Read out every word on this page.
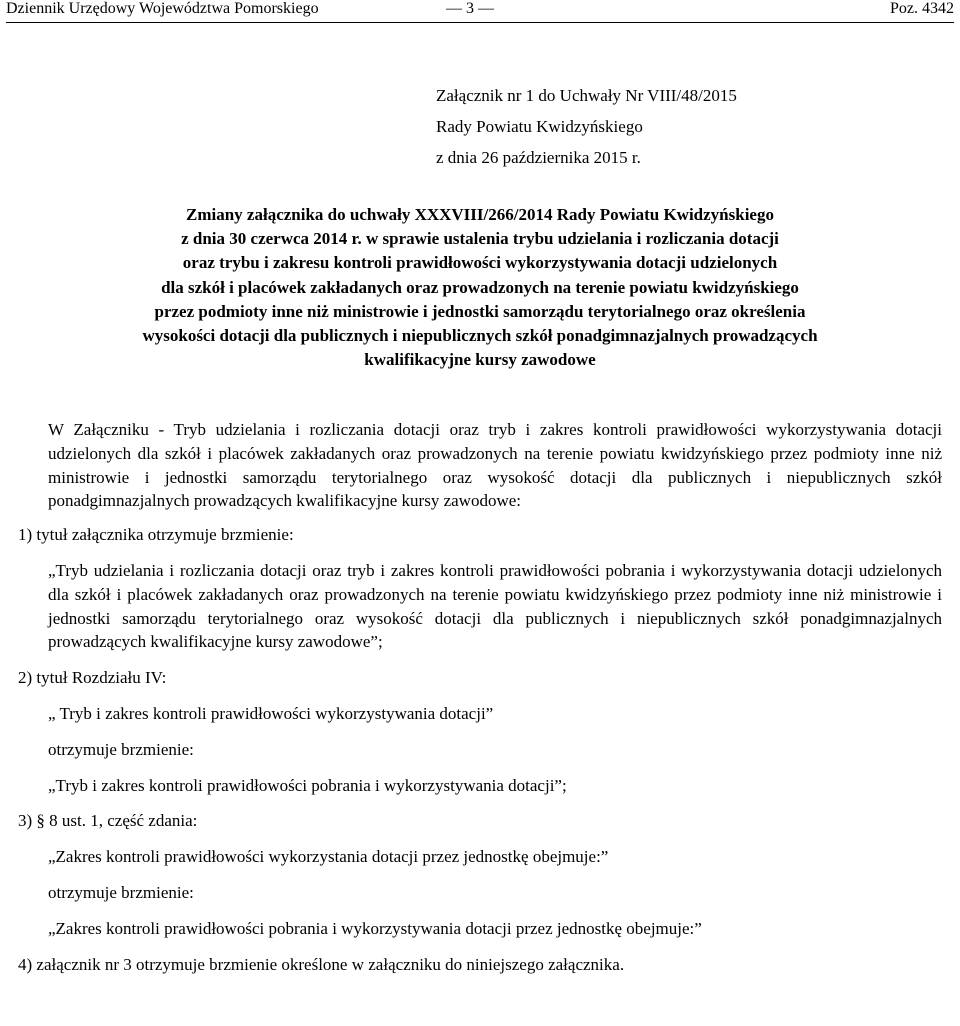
Dziennik Urzędowy Województwa Pomorskiego	— 3 —	Poz. 4342
Załącznik nr 1 do Uchwały Nr VIII/48/2015
Rady Powiatu Kwidzyńskiego
z dnia 26 października 2015 r.
Zmiany załącznika do uchwały XXXVIII/266/2014 Rady Powiatu Kwidzyńskiego
z dnia 30 czerwca 2014 r. w sprawie ustalenia trybu udzielania i rozliczania dotacji
oraz trybu i zakresu kontroli prawidłowości wykorzystywania dotacji udzielonych
dla szkół i placówek zakładanych oraz prowadzonych na terenie powiatu kwidzyńskiego
przez podmioty inne niż ministrowie i jednostki samorządu terytorialnego oraz określenia
wysokości dotacji dla publicznych i niepublicznych szkół ponadgimnazjalnych prowadzących
kwalifikacyjne kursy zawodowe

W Załączniku - Tryb udzielania i rozliczania dotacji oraz tryb i zakres kontroli prawidłowości wykorzystywania dotacji udzielonych dla szkół i placówek zakładanych oraz prowadzonych na terenie powiatu kwidzyńskiego przez podmioty inne niż ministrowie i jednostki samorządu terytorialnego oraz wysokość dotacji dla publicznych i niepublicznych szkół ponadgimnazjalnych prowadzących kwalifikacyjne kursy zawodowe:

1) tytuł załącznika otrzymuje brzmienie:

„Tryb udzielania i rozliczania dotacji oraz tryb i zakres kontroli prawidłowości pobrania i wykorzystywania dotacji udzielonych dla szkół i placówek zakładanych oraz prowadzonych na terenie powiatu kwidzyńskiego przez podmioty inne niż ministrowie i jednostki samorządu terytorialnego oraz wysokość dotacji dla publicznych i niepublicznych szkół ponadgimnazjalnych prowadzących kwalifikacyjne kursy zawodowe”;

2) tytuł Rozdziału IV:

„ Tryb i zakres kontroli prawidłowości wykorzystywania dotacji”

otrzymuje brzmienie:

„Tryb i zakres kontroli prawidłowości pobrania i wykorzystywania dotacji”;

3) § 8 ust. 1, część zdania:

„Zakres kontroli prawidłowości wykorzystania dotacji przez jednostkę obejmuje:”

otrzymuje brzmienie:

„Zakres kontroli prawidłowości pobrania i wykorzystywania dotacji przez jednostkę obejmuje:”

4) załącznik nr 3 otrzymuje brzmienie określone w załączniku do niniejszego załącznika.
